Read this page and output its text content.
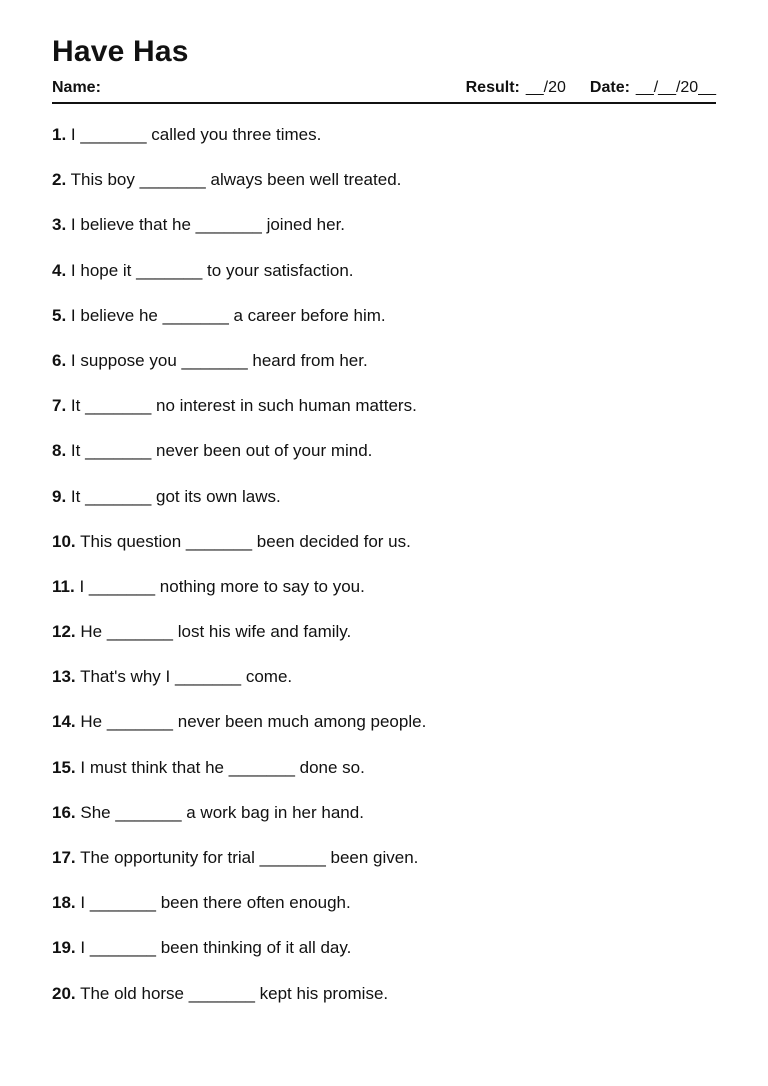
Have Has
Name:	Result: __/20 Date: __/__/20__
1. I _______ called you three times.
2. This boy _______ always been well treated.
3. I believe that he _______ joined her.
4. I hope it _______ to your satisfaction.
5. I believe he _______ a career before him.
6. I suppose you _______ heard from her.
7. It _______ no interest in such human matters.
8. It _______ never been out of your mind.
9. It _______ got its own laws.
10. This question _______ been decided for us.
11. I _______ nothing more to say to you.
12. He _______ lost his wife and family.
13. That's why I _______ come.
14. He _______ never been much among people.
15. I must think that he _______ done so.
16. She _______ a work bag in her hand.
17. The opportunity for trial _______ been given.
18. I _______ been there often enough.
19. I _______ been thinking of it all day.
20. The old horse _______ kept his promise.
